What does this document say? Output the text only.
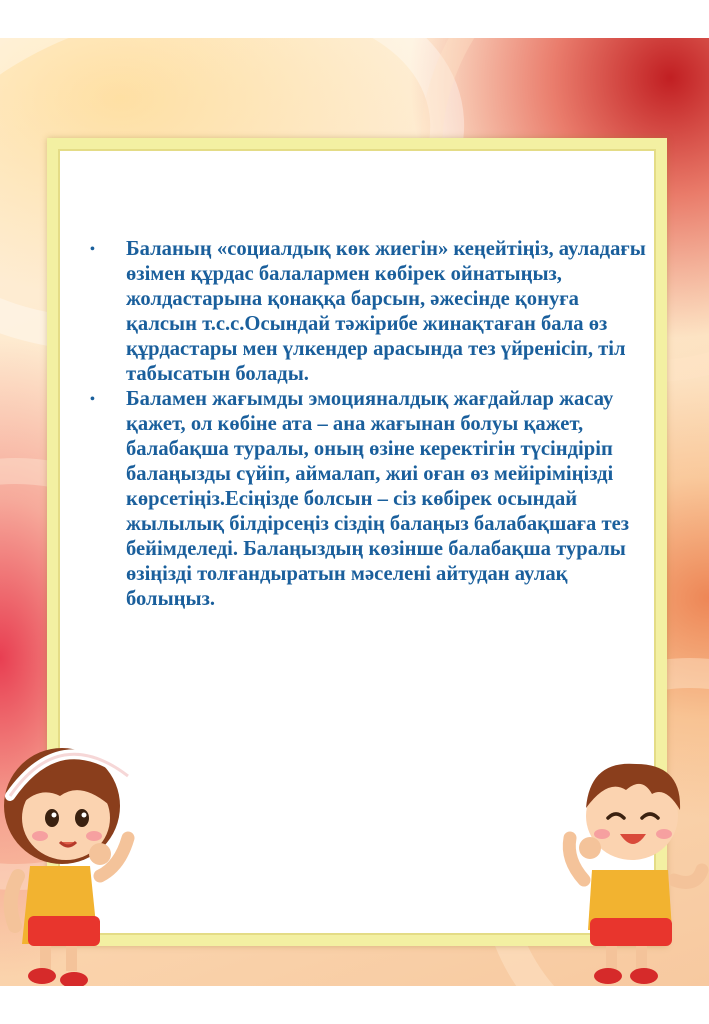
• Баланың «социалдық көк жиегін» кеңейтіңіз, ауладағы өзімен құрдас балалармен көбірек ойнатыңыз, жолдастарына қонаққа барсын, әжесінде қонуға қалсын т.с.с.Осындай тәжірибе жинақтаған бала өз құрдастары мен үлкендер арасында тез үйренісіп, тіл табысатын болады.
• Баламен жағымды эмоцияналдық жағдайлар жасау қажет, ол көбіне ата – ана жағынан болуы қажет, балабақша туралы, оның өзіне керектігін түсіндіріп балаңызды сүйіп, аймалап, жиі оған өз мейіріміңізді көрсетіңіз.Есіңізде болсын – сіз көбірек осындай жылылық білдірсеңіз сіздің балаңыз балабақшаға тез бейімделеді. Балаңыздың көзінше балабақша туралы өзіңізді толғандыратын мәселені айтудан аулақ болыңыз.
